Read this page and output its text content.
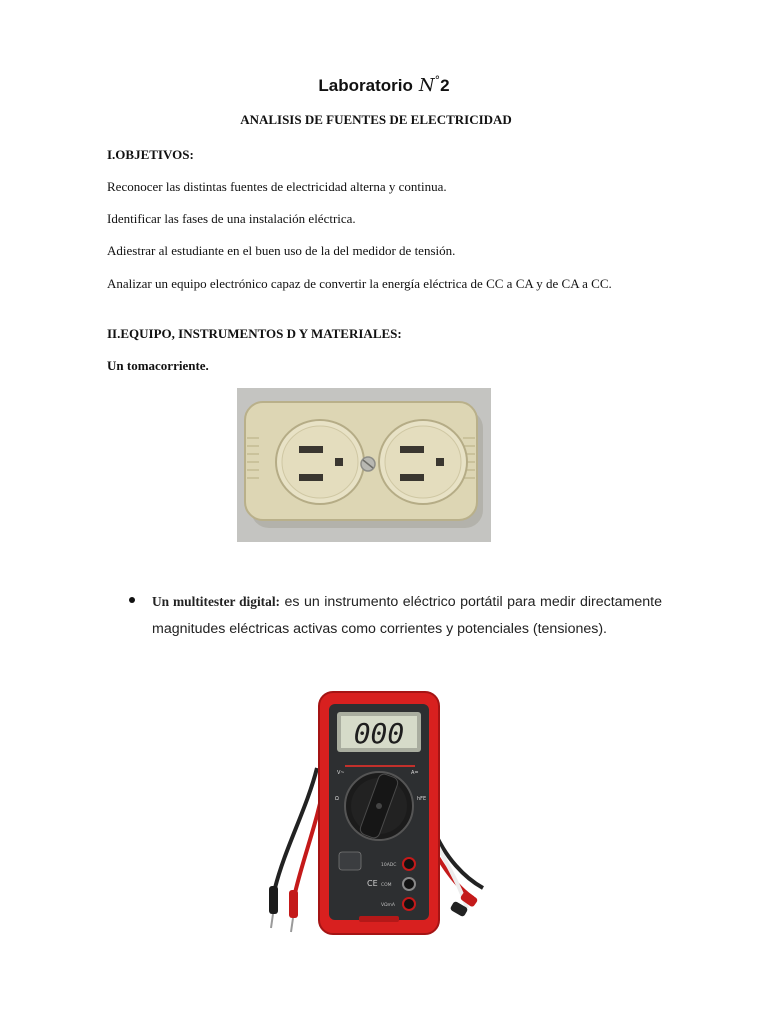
Laboratorio N°2
ANALISIS DE FUENTES DE ELECTRICIDAD
I.OBJETIVOS:
Reconocer las distintas fuentes de electricidad alterna y continua.
Identificar las fases de una instalación eléctrica.
Adiestrar al estudiante en el buen uso de la del medidor de tensión.
Analizar un equipo electrónico capaz de convertir la energía eléctrica de CC a CA y de CA a CC.
II.EQUIPO, INSTRUMENTOS D Y MATERIALES:
Un tomacorriente.
Un multitester digital: es un instrumento eléctrico portátil para medir directamente magnitudes eléctricas activas como corrientes y potenciales (tensiones).
000
V~	A=
Ω	hFE
CE
10ADC
COM
VΩmA
